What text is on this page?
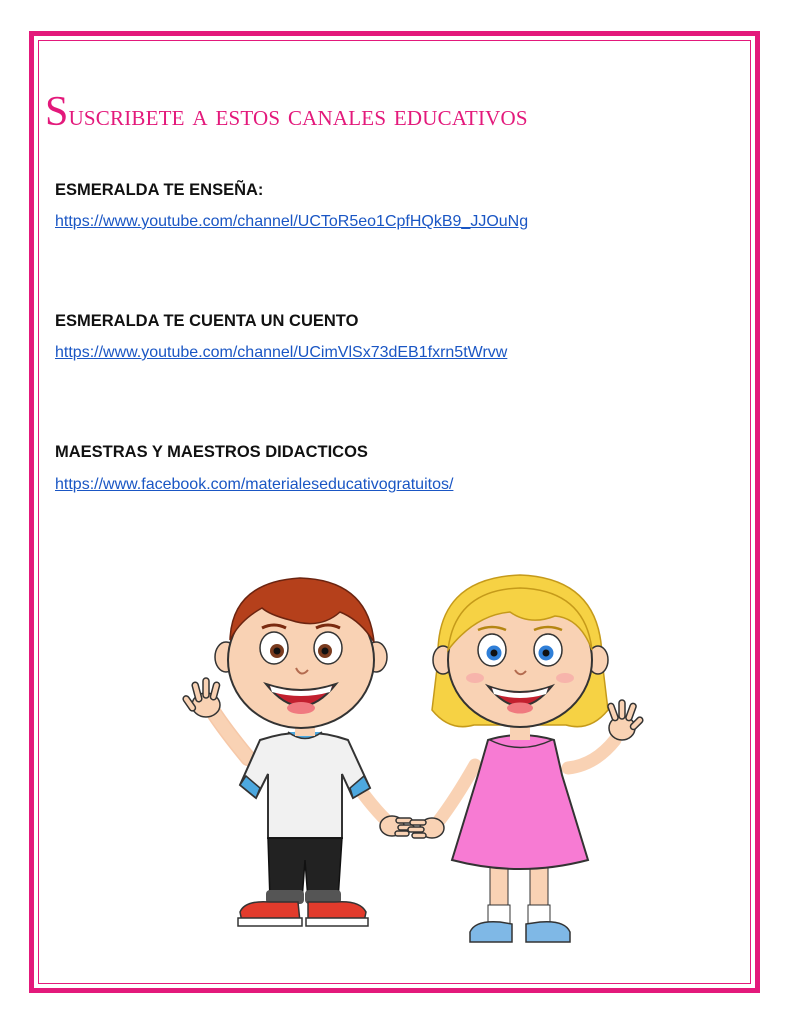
Suscribete a estos canales educativos
ESMERALDA TE ENSEÑA:
https://www.youtube.com/channel/UCToR5eo1CpfHQkB9_JJOuNg
ESMERALDA TE CUENTA UN CUENTO
https://www.youtube.com/channel/UCimVlSx73dEB1fxrn5tWrvw
MAESTRAS Y MAESTROS DIDACTICOS
https://www.facebook.com/materialeseducativogratuitos/
